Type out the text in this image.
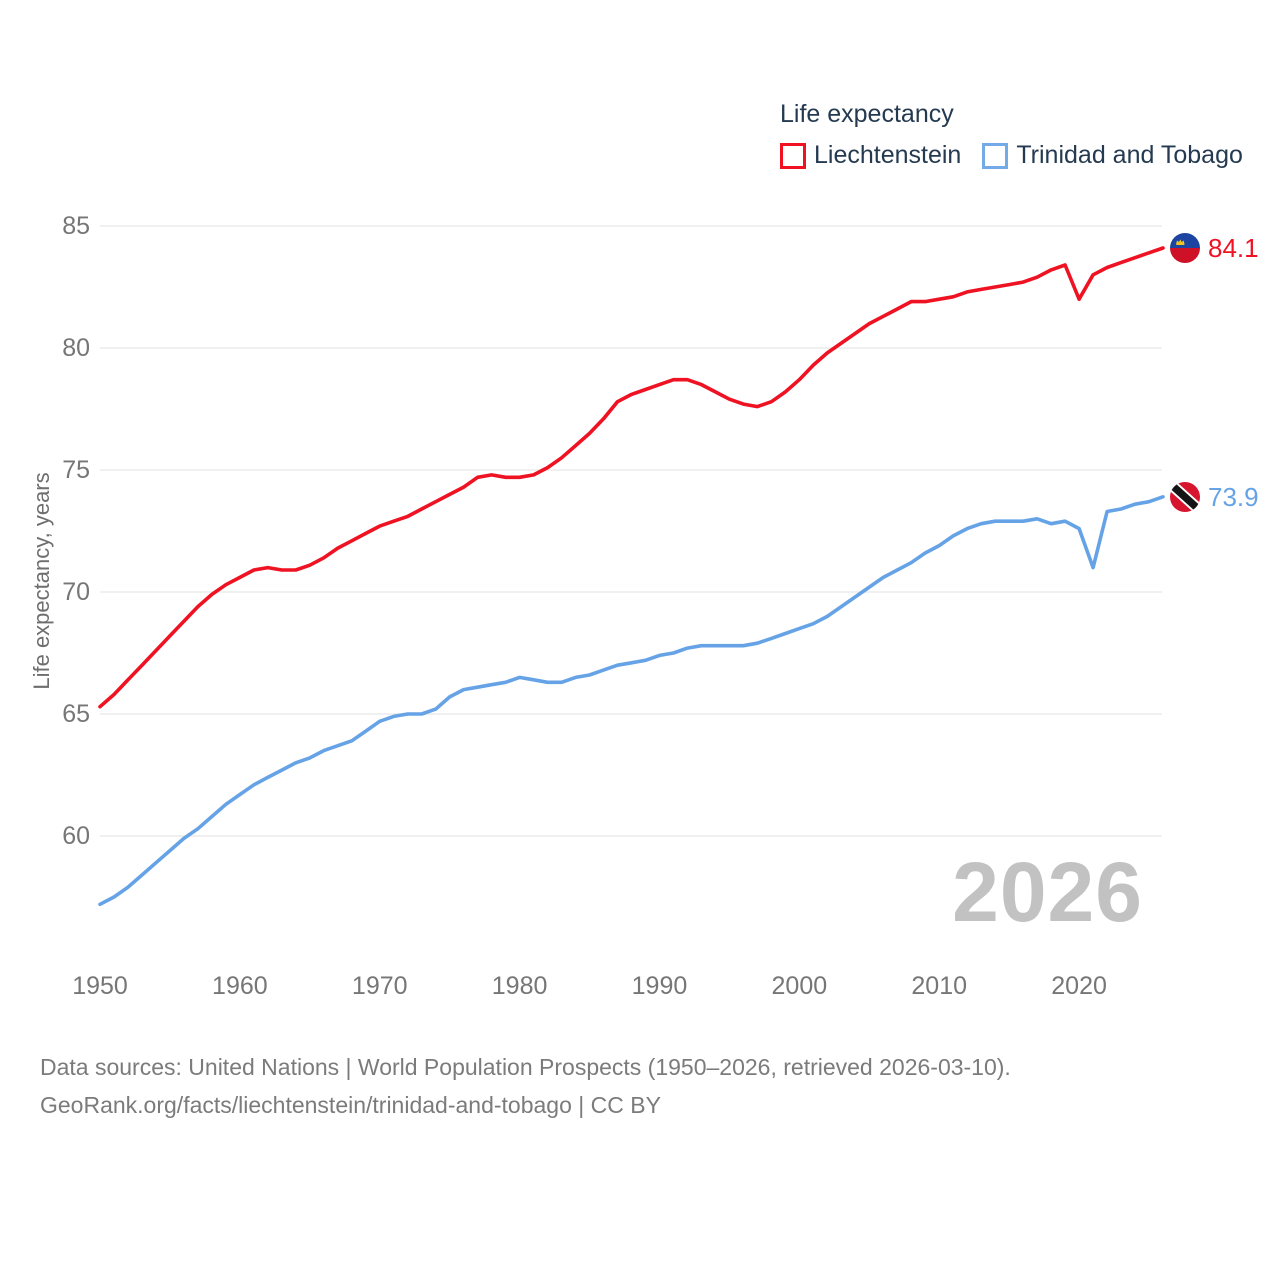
85
80
75
70
65
60
1950	1960	1970	1980	1990	2000	2010	2020
Life expectancy, years
Life expectancy
Liechtenstein Trinidad and Tobago
84.1
73.9
2026
Data sources: United Nations | World Population Prospects (1950–2026, retrieved 2026-03-10).
GeoRank.org/facts/liechtenstein/trinidad-and-tobago | CC BY
